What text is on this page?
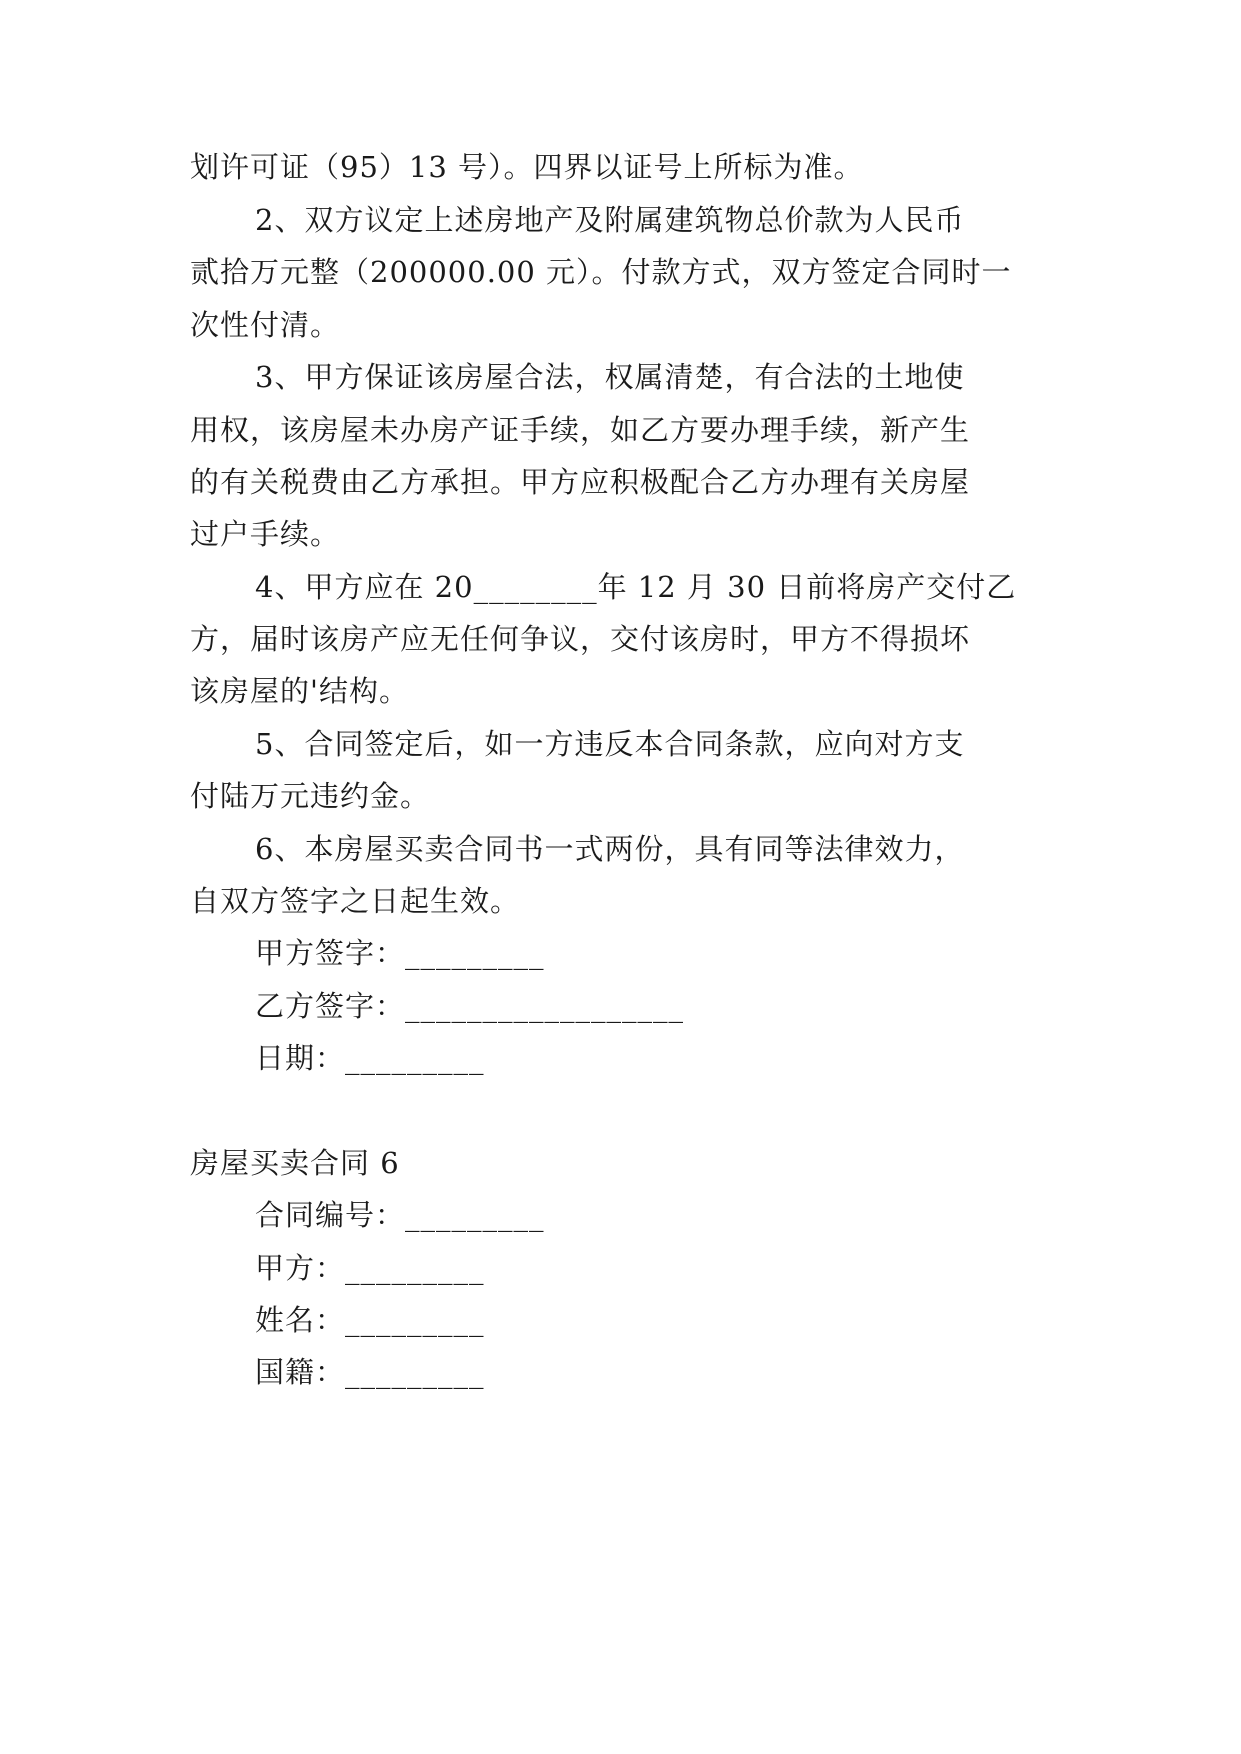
划许可证（95）13 号）。四界以证号上所标为准。
2、双方议定上述房地产及附属建筑物总价款为人民币
贰拾万元整（200000.00 元）。付款方式，双方签定合同时一
次性付清。
3、甲方保证该房屋合法，权属清楚，有合法的土地使
用权，该房屋未办房产证手续，如乙方要办理手续，新产生
的有关税费由乙方承担。甲方应积极配合乙方办理有关房屋
过户手续。
4、甲方应在 20________年 12 月 30 日前将房产交付乙
方，届时该房产应无任何争议，交付该房时，甲方不得损坏
该房屋的'结构。
5、合同签定后，如一方违反本合同条款，应向对方支
付陆万元违约金。
6、本房屋买卖合同书一式两份，具有同等法律效力，
自双方签字之日起生效。
甲方签字：_________
乙方签字：__________________
日期：_________
房屋买卖合同 6
合同编号：_________
甲方：_________
姓名：_________
国籍：_________
